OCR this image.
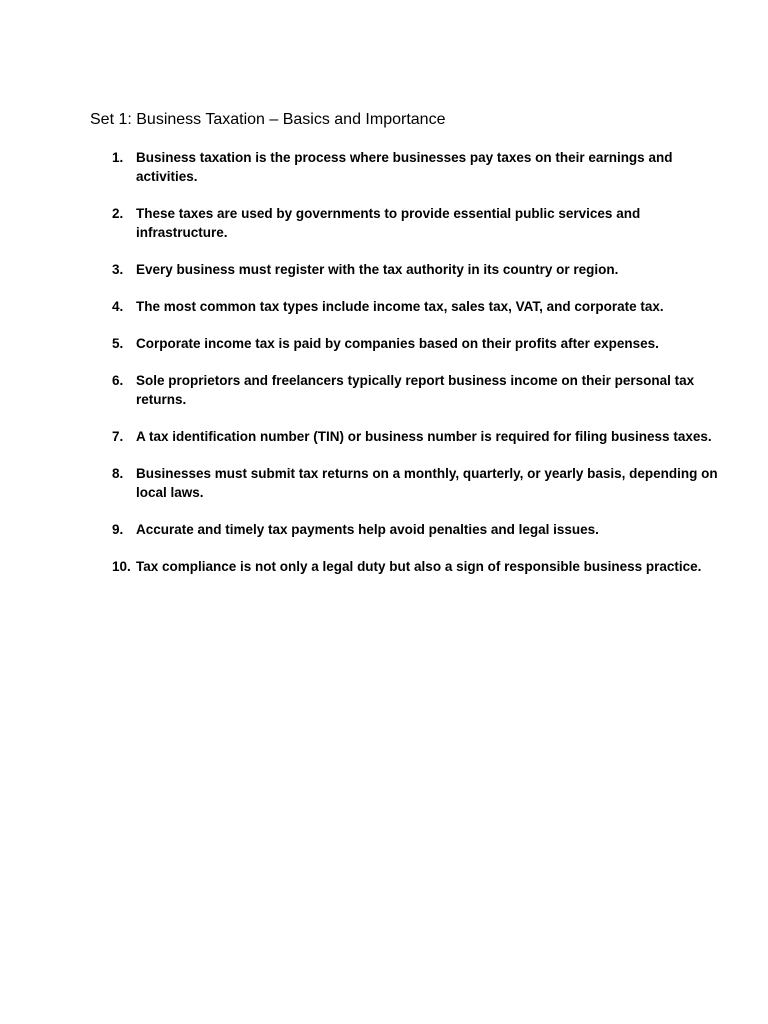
Set 1: Business Taxation – Basics and Importance
1. Business taxation is the process where businesses pay taxes on their earnings and activities.
2. These taxes are used by governments to provide essential public services and infrastructure.
3. Every business must register with the tax authority in its country or region.
4. The most common tax types include income tax, sales tax, VAT, and corporate tax.
5. Corporate income tax is paid by companies based on their profits after expenses.
6. Sole proprietors and freelancers typically report business income on their personal tax returns.
7. A tax identification number (TIN) or business number is required for filing business taxes.
8. Businesses must submit tax returns on a monthly, quarterly, or yearly basis, depending on local laws.
9. Accurate and timely tax payments help avoid penalties and legal issues.
10. Tax compliance is not only a legal duty but also a sign of responsible business practice.
